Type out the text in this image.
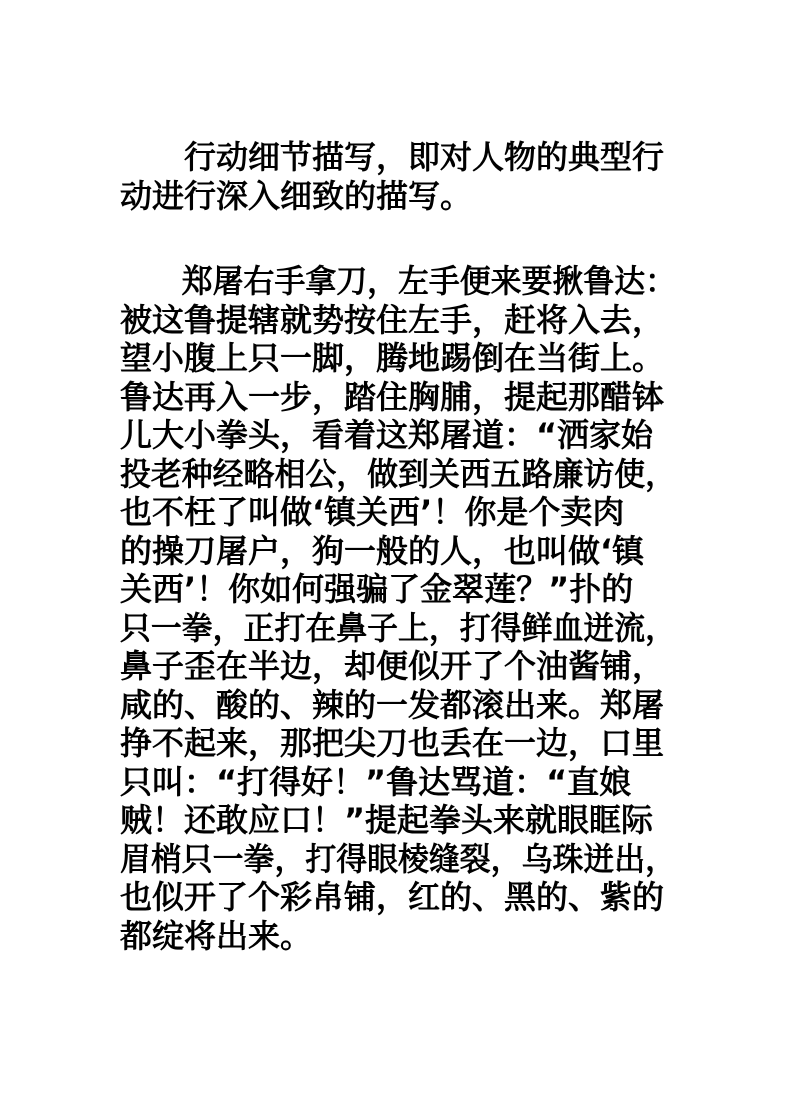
　　行动细节描写，即对人物的典型行
动进行深入细致的描写。
　　郑屠右手拿刀，左手便来要揪鲁达：
被这鲁提辖就势按住左手，赶将入去，
望小腹上只一脚，腾地踢倒在当街上。
鲁达再入一步，踏住胸脯，提起那醋钵
儿大小拳头，看着这郑屠道：“洒家始
投老种经略相公，做到关西五路廉访使，
也不枉了叫做‘镇关西’！你是个卖肉
的操刀屠户，狗一般的人，也叫做‘镇
关西’！你如何强骗了金翠莲？”扑的
只一拳，正打在鼻子上，打得鲜血迸流，
鼻子歪在半边，却便似开了个油酱铺，
咸的、酸的、辣的一发都滚出来。郑屠
挣不起来，那把尖刀也丢在一边，口里
只叫：“打得好！”鲁达骂道：“直娘
贼！还敢应口！”提起拳头来就眼眶际
眉梢只一拳，打得眼棱缝裂，乌珠迸出，
也似开了个彩帛铺，红的、黑的、紫的
都绽将出来。
